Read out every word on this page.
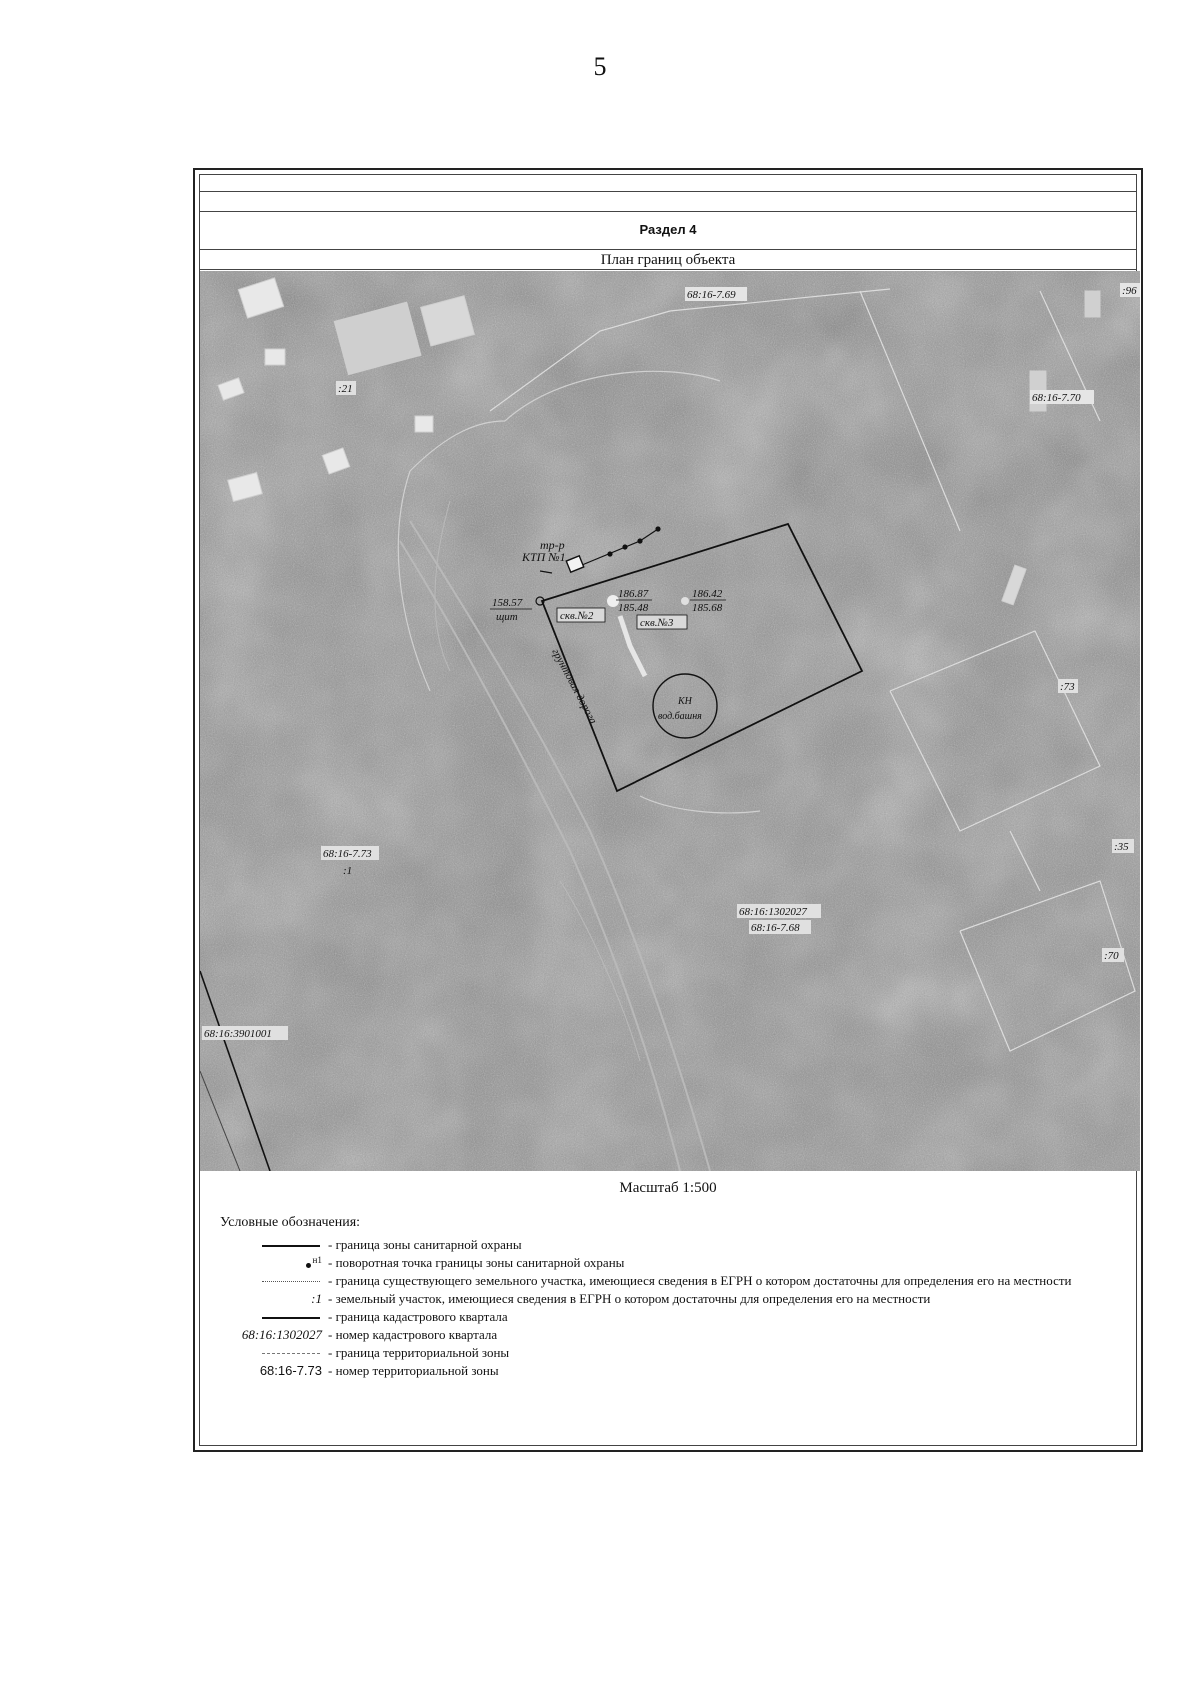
5
Раздел 4
План границ объекта
тр-р
КТП №1
158.57
щит
186.87
185.48
скв.№2
186.42
185.68
скв.№3
КН
вод.башня
грунтовая дорога
68:16-7.69
68:16-7.70
68:16-7.73
:1
68:16:1302027
68:16-7.68
68:16:3901001
:96
:21
:73
:35
:70
Масштаб 1:500
Условные обозначения:
- граница зоны санитарной охраны
$^{н1}$ - поворотная точка границы зоны санитарной охраны
- граница существующего земельного участка, имеющиеся сведения в ЕГРН о котором достаточны для определения его на местности
:1 - земельный участок, имеющиеся сведения в ЕГРН о котором достаточны для определения его на местности
- граница кадастрового квартала
68:16:1302027 - номер кадастрового квартала
- граница территориальной зоны
68:16-7.73 - номер территориальной зоны
